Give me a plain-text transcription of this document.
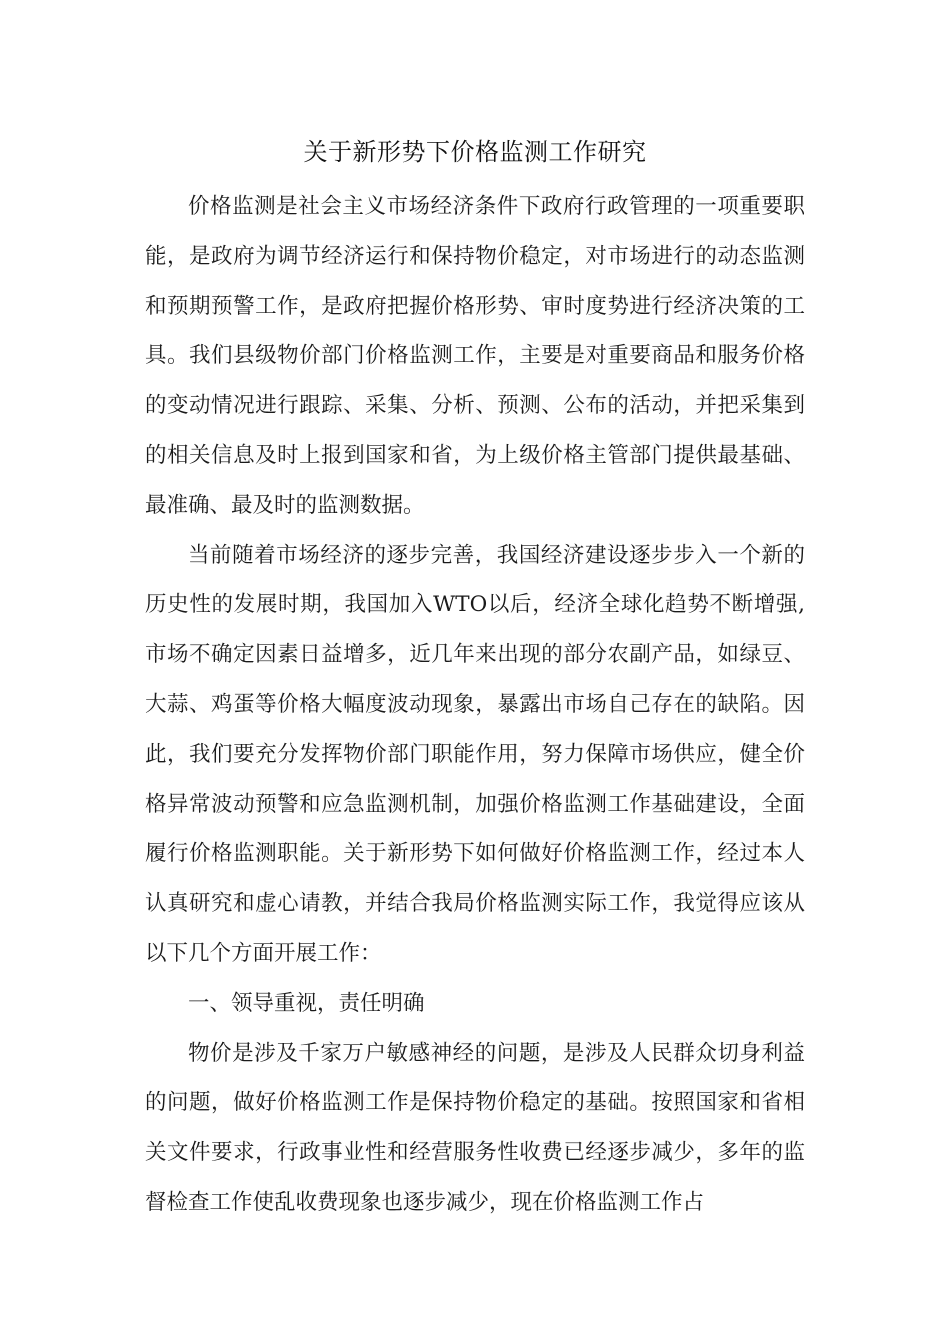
关于新形势下价格监测工作研究

价格监测是社会主义市场经济条件下政府行政管理的一项重要职能，是政府为调节经济运行和保持物价稳定，对市场进行的动态监测和预期预警工作，是政府把握价格形势、审时度势进行经济决策的工具。我们县级物价部门价格监测工作，主要是对重要商品和服务价格的变动情况进行跟踪、采集、分析、预测、公布的活动，并把采集到的相关信息及时上报到国家和省，为上级价格主管部门提供最基础、最准确、最及时的监测数据。

当前随着市场经济的逐步完善，我国经济建设逐步步入一个新的历史性的发展时期，我国加入WTO以后，经济全球化趋势不断增强,市场不确定因素日益增多，近几年来出现的部分农副产品，如绿豆、大蒜、鸡蛋等价格大幅度波动现象，暴露出市场自己存在的缺陷。因此，我们要充分发挥物价部门职能作用，努力保障市场供应，健全价格异常波动预警和应急监测机制，加强价格监测工作基础建设，全面履行价格监测职能。关于新形势下如何做好价格监测工作，经过本人认真研究和虚心请教，并结合我局价格监测实际工作，我觉得应该从以下几个方面开展工作：

一、领导重视，责任明确

物价是涉及千家万户敏感神经的问题，是涉及人民群众切身利益的问题，做好价格监测工作是保持物价稳定的基础。按照国家和省相关文件要求，行政事业性和经营服务性收费已经逐步减少，多年的监督检查工作使乱收费现象也逐步减少，现在价格监测工作占
